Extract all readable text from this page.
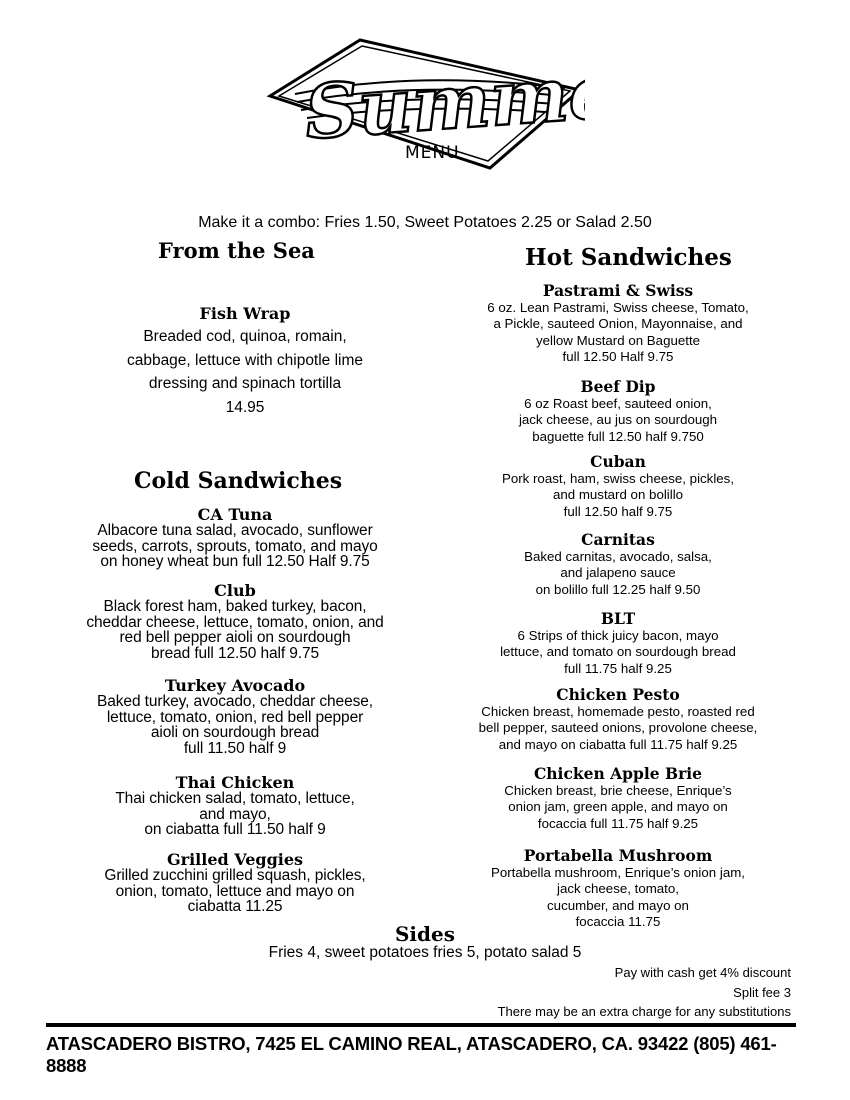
Summer
MENU
Make it a combo: Fries 1.50, Sweet Potatoes 2.25 or Salad 2.50
From the Sea	Hot Sandwiches
Cold Sandwiches

Fish Wrap

Breaded cod, quinoa, romain,
cabbage, lettuce with chipotle lime
dressing and spinach tortilla
14.95

CA Tuna

Albacore tuna salad, avocado, sunflower
seeds, carrots, sprouts, tomato, and mayo
on honey wheat bun full 12.50 Half 9.75

Club

Black forest ham, baked turkey, bacon,
cheddar cheese, lettuce, tomato, onion, and
red bell pepper aioli on sourdough
bread full 12.50 half 9.75

Turkey Avocado

Baked turkey, avocado, cheddar cheese,
lettuce, tomato, onion, red bell pepper
aioli on sourdough bread
full 11.50 half 9

Thai Chicken

Thai chicken salad, tomato, lettuce,
and mayo,
on ciabatta full 11.50 half 9

Grilled Veggies

Grilled zucchini grilled squash, pickles,
onion, tomato, lettuce and mayo on
ciabatta 11.25

Pastrami & Swiss

6 oz. Lean Pastrami, Swiss cheese, Tomato,
a Pickle, sauteed Onion, Mayonnaise, and
yellow Mustard on Baguette
full 12.50 Half 9.75

Beef Dip

6 oz Roast beef, sauteed onion,
jack cheese, au jus on sourdough
baguette full 12.50 half 9.750

Cuban

Pork roast, ham, swiss cheese, pickles,
and mustard on bolillo
full 12.50 half 9.75

Carnitas

Baked carnitas, avocado, salsa,
and jalapeno sauce
on bolillo full 12.25 half 9.50

BLT

6 Strips of thick juicy bacon, mayo
lettuce, and tomato on sourdough bread
full 11.75 half 9.25

Chicken Pesto

Chicken breast, homemade pesto, roasted red
bell pepper, sauteed onions, provolone cheese,
and mayo on ciabatta full 11.75 half 9.25

Chicken Apple Brie

Chicken breast, brie cheese, Enrique’s
onion jam, green apple, and mayo on
focaccia full 11.75 half 9.25

Portabella Mushroom

Portabella mushroom, Enrique’s onion jam,
jack cheese, tomato,
cucumber, and mayo on
focaccia 11.75

Sides
Fries 4, sweet potatoes fries 5, potato salad 5
Pay with cash get 4% discount
Split fee 3
There may be an extra charge for any substitutions
ATASCADERO BISTRO, 7425 EL CAMINO REAL, ATASCADERO, CA. 93422 (805) 461-8888
